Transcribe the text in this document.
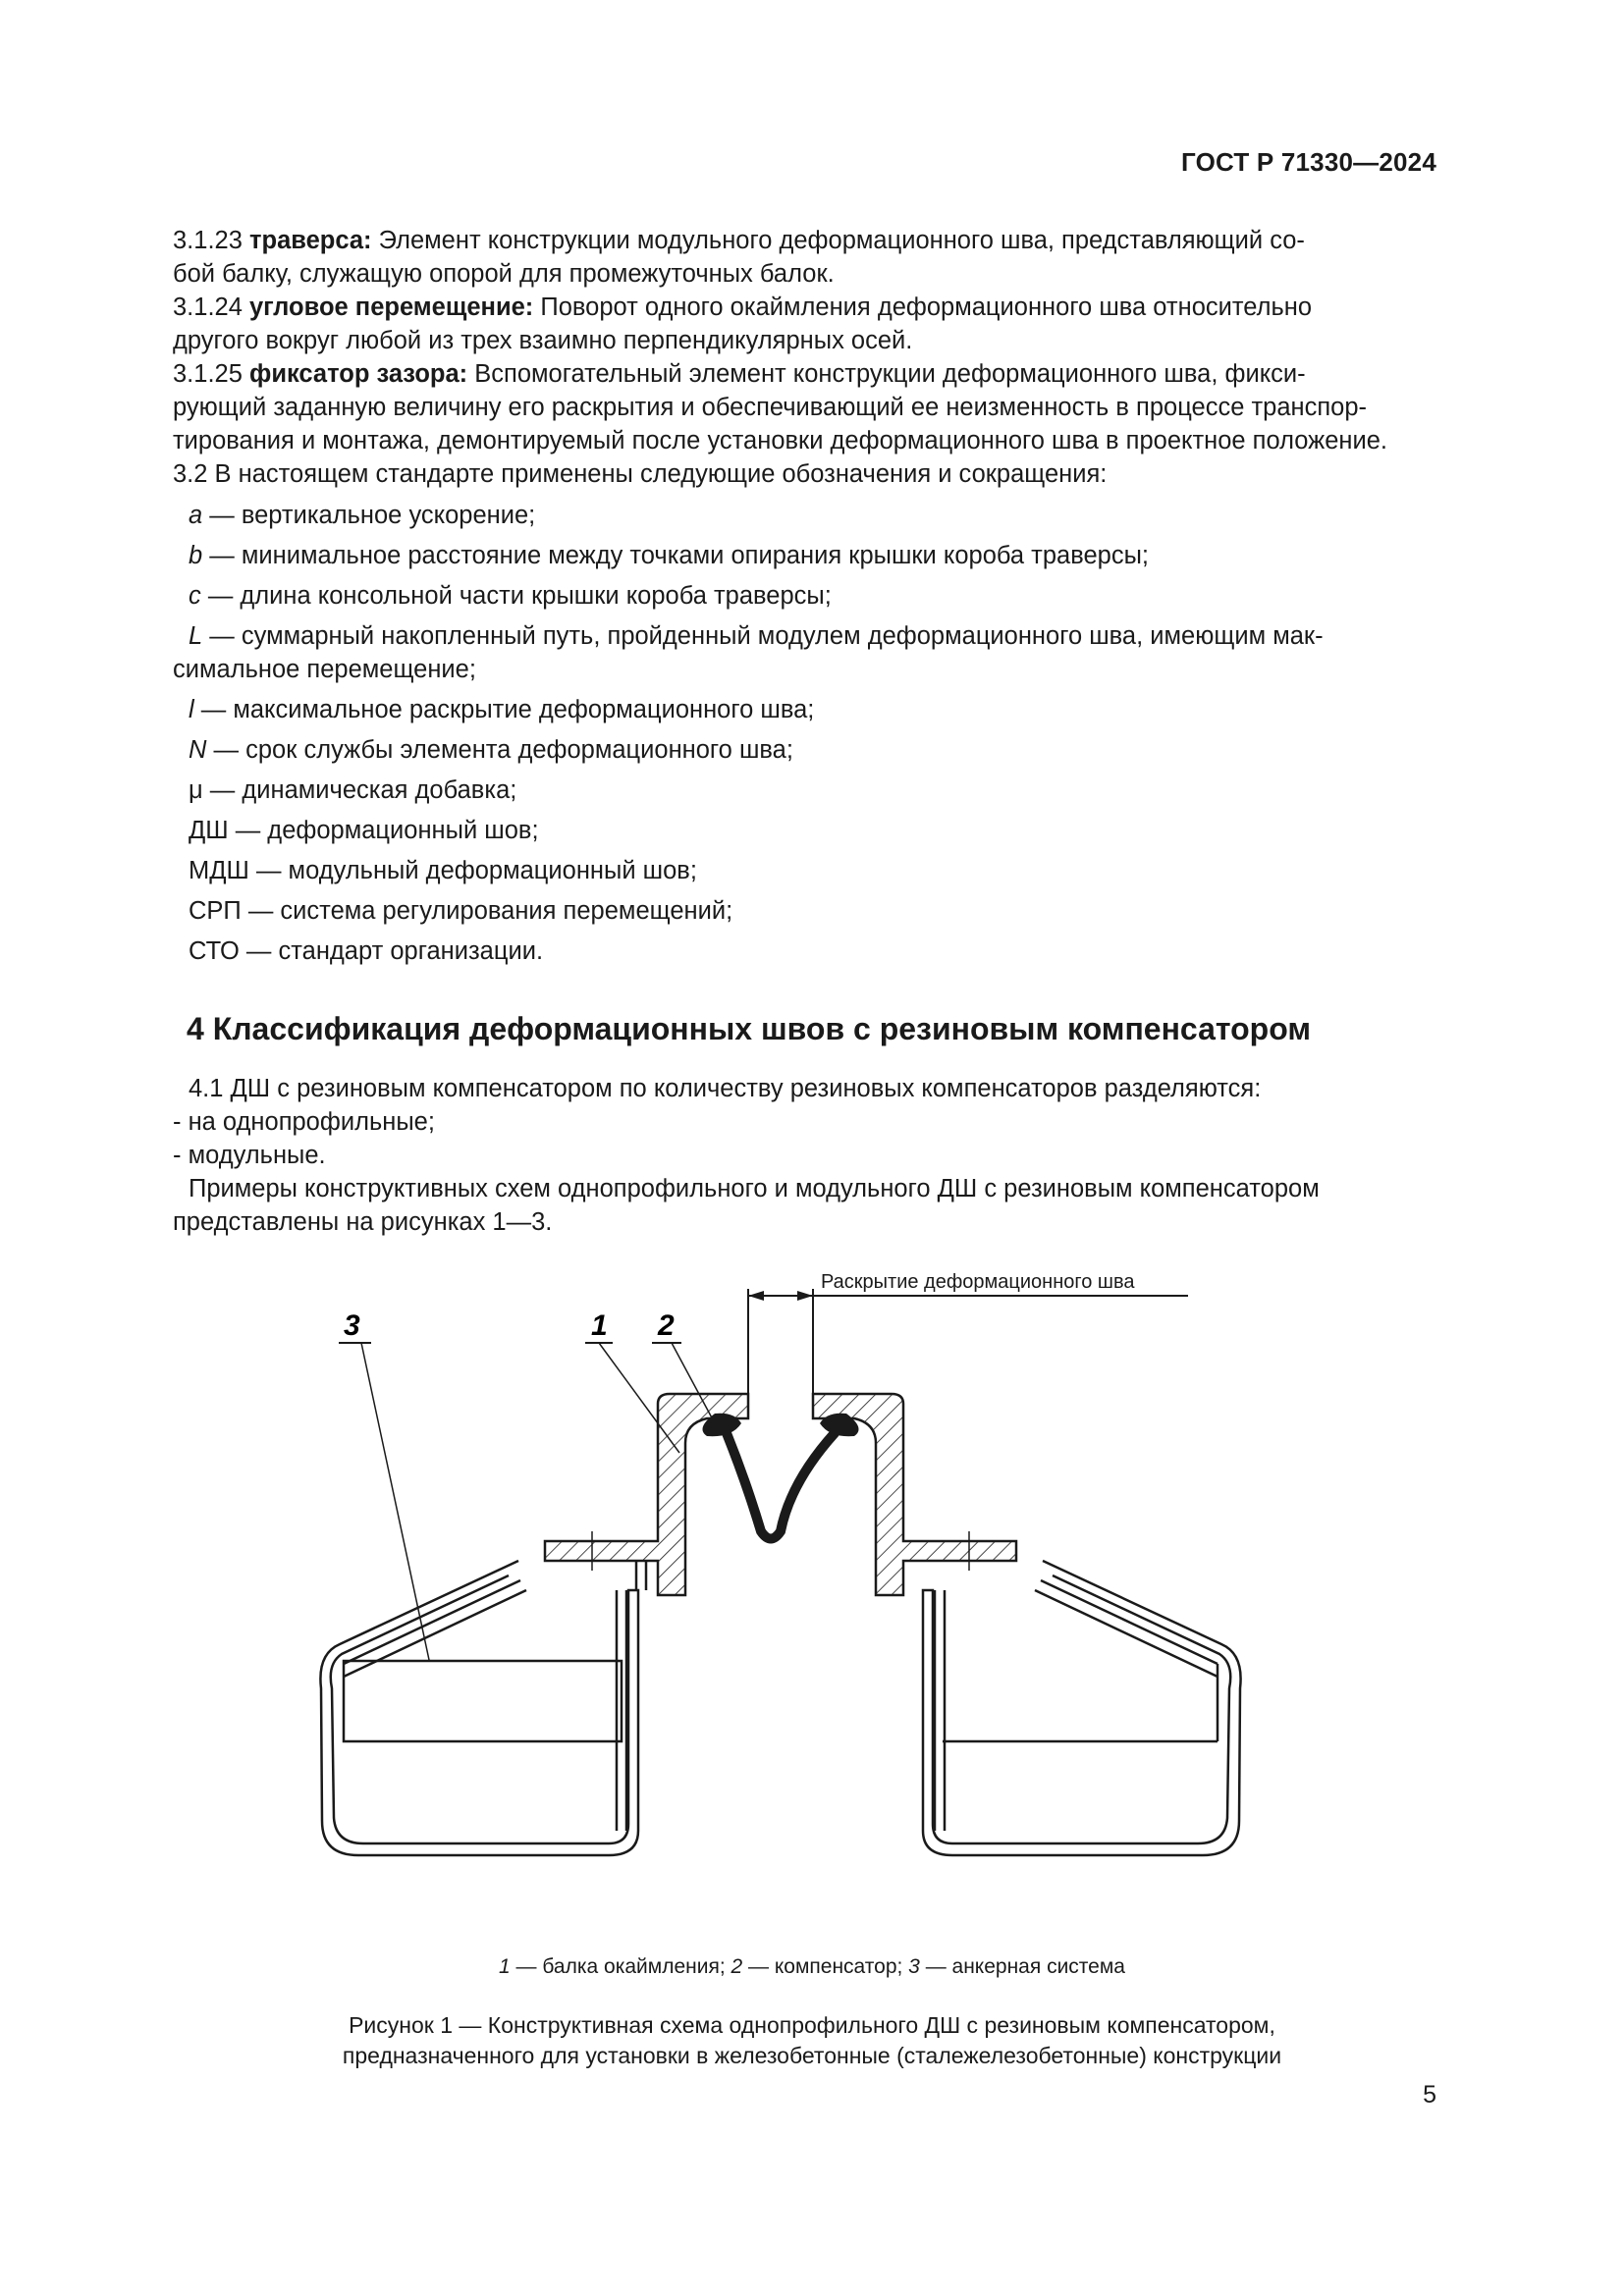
ГОСТ Р 71330—2024

3.1.23 траверса: Элемент конструкции модульного деформационного шва, представляющий со-

бой балку, служащую опорой для промежуточных балок.

3.1.24 угловое перемещение: Поворот одного окаймления деформационного шва относительно

другого вокруг любой из трех взаимно перпендикулярных осей.

3.1.25 фиксатор зазора: Вспомогательный элемент конструкции деформационного шва, фикси-

рующий заданную величину его раскрытия и обеспечивающий ее неизменность в процессе транспор-

тирования и монтажа, демонтируемый после установки деформационного шва в проектное положение.

3.2 В настоящем стандарте применены следующие обозначения и сокращения:

a — вертикальное ускорение;

b — минимальное расстояние между точками опирания крышки короба траверсы;

c — длина консольной части крышки короба траверсы;

L — суммарный накопленный путь, пройденный модулем деформационного шва, имеющим мак-
симальное перемещение;

l — максимальное раскрытие деформационного шва;

N — срок службы элемента деформационного шва;

μ — динамическая добавка;

ДШ — деформационный шов;

МДШ — модульный деформационный шов;

СРП — система регулирования перемещений;

СТО — стандарт организации.

4 Классификация деформационных швов с резиновым компенсатором

4.1 ДШ с резиновым компенсатором по количеству резиновых компенсаторов разделяются:

- на однопрофильные;

- модульные.

Примеры конструктивных схем однопрофильного и модульного ДШ с резиновым компенсатором

представлены на рисунках 1—3.

Раскрытие деформационного шва
3	1 2
1 — балка окаймления; 2 — компенсатор; 3 — анкерная система
Рисунок 1 — Конструктивная схема однопрофильного ДШ с резиновым компенсатором,
предназначенного для установки в железобетонные (сталежелезобетонные) конструкции
5
